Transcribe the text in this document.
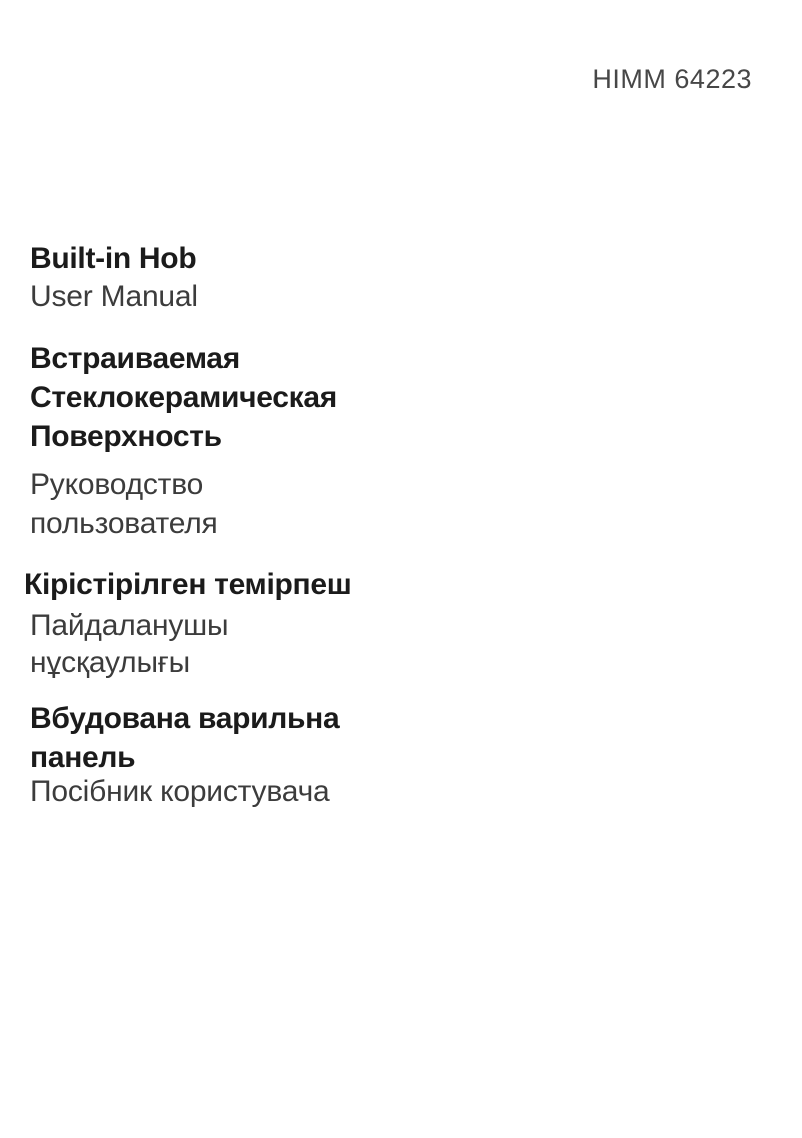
HIMM 64223
Built-in Hob
User Manual
Встраиваемая
Стеклокерамическая
Поверхность
Руководство
пользователя
Кірістірілген темірпеш
Пайдаланушы
нұсқаулығы
Вбудована варильна
панель
Посібник користувача
